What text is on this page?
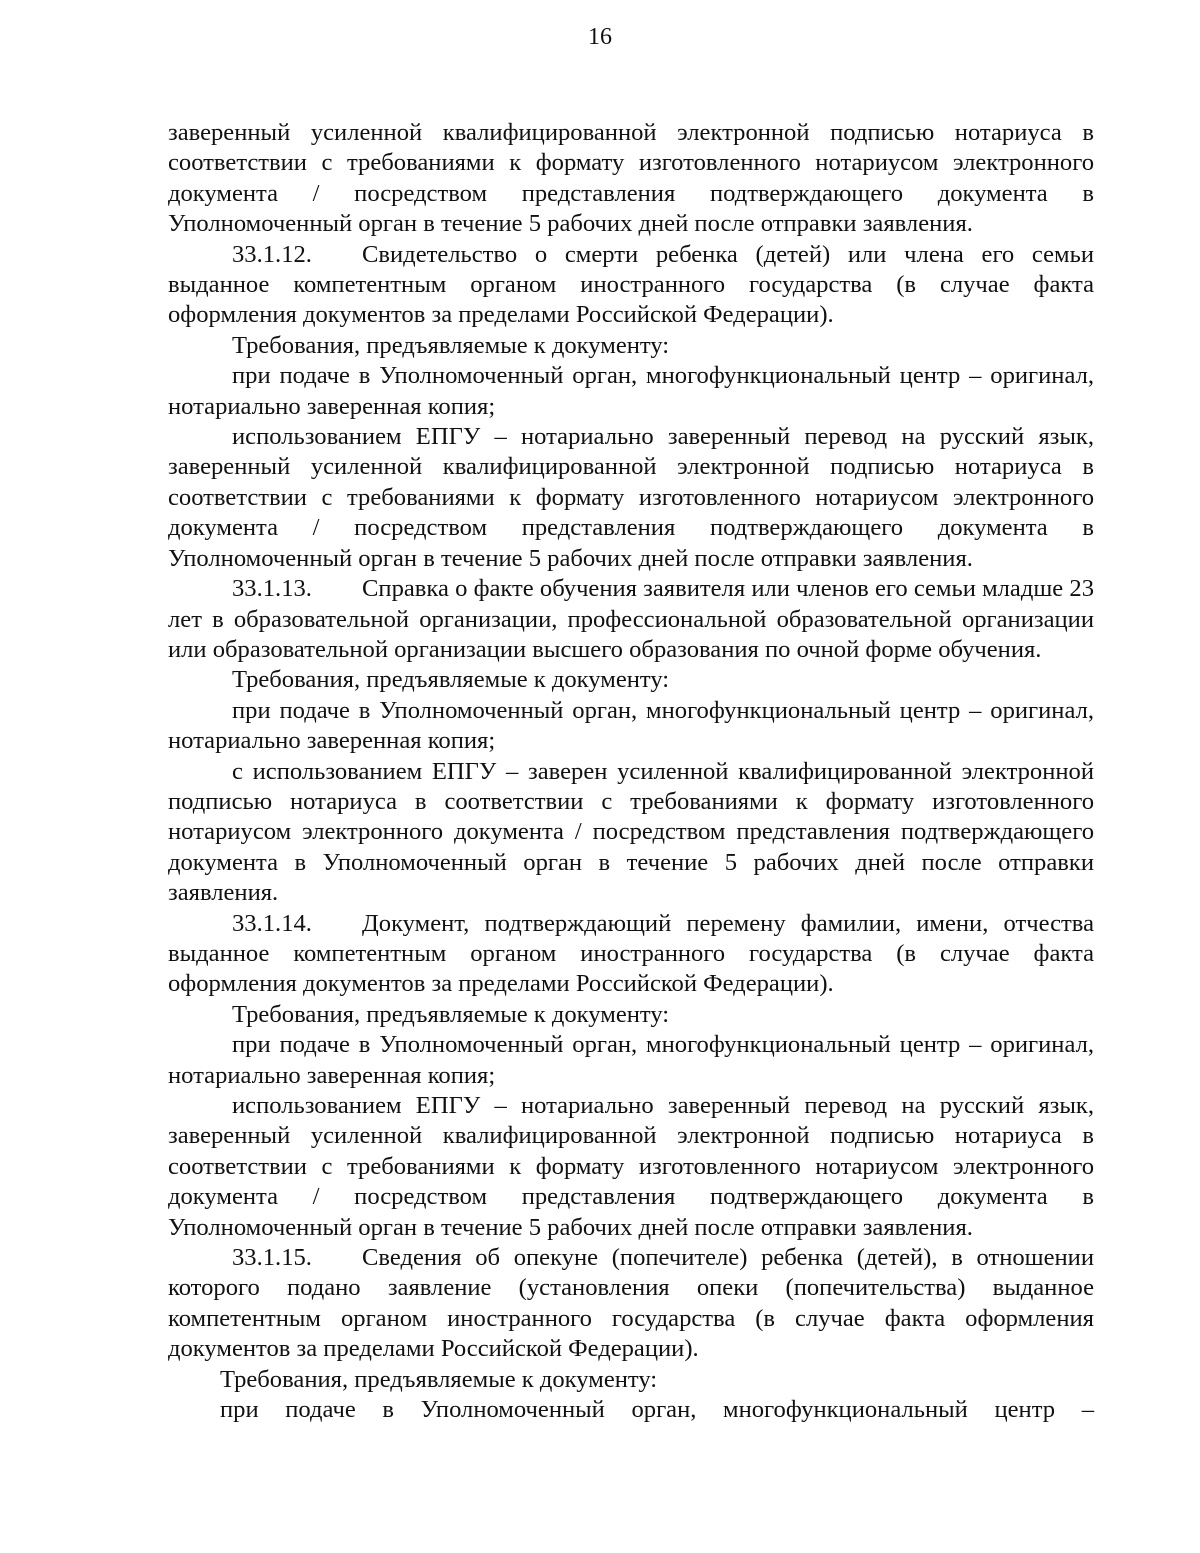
16

заверенный усиленной квалифицированной электронной подписью нотариуса в соответствии с требованиями к формату изготовленного нотариусом электронного документа / посредством представления подтверждающего документа в Уполномоченный орган в течение 5 рабочих дней после отправки заявления.

33.1.12. Свидетельство о смерти ребенка (детей) или члена его семьи выданное компетентным органом иностранного государства (в случае факта оформления документов за пределами Российской Федерации).

Требования, предъявляемые к документу:

при подаче в Уполномоченный орган, многофункциональный центр – оригинал, нотариально заверенная копия;

использованием ЕПГУ – нотариально заверенный перевод на русский язык, заверенный усиленной квалифицированной электронной подписью нотариуса в соответствии с требованиями к формату изготовленного нотариусом электронного документа / посредством представления подтверждающего документа в Уполномоченный орган в течение 5 рабочих дней после отправки заявления.

33.1.13. Справка о факте обучения заявителя или членов его семьи младше 23 лет в образовательной организации, профессиональной образовательной организации или образовательной организации высшего образования по очной форме обучения.

Требования, предъявляемые к документу:

при подаче в Уполномоченный орган, многофункциональный центр – оригинал, нотариально заверенная копия;

с использованием ЕПГУ – заверен усиленной квалифицированной электронной подписью нотариуса в соответствии с требованиями к формату изготовленного нотариусом электронного документа / посредством представления подтверждающего документа в Уполномоченный орган в течение 5 рабочих дней после отправки заявления.

33.1.14. Документ, подтверждающий перемену фамилии, имени, отчества выданное компетентным органом иностранного государства (в случае факта оформления документов за пределами Российской Федерации).

Требования, предъявляемые к документу:

при подаче в Уполномоченный орган, многофункциональный центр – оригинал, нотариально заверенная копия;

использованием ЕПГУ – нотариально заверенный перевод на русский язык, заверенный усиленной квалифицированной электронной подписью нотариуса в соответствии с требованиями к формату изготовленного нотариусом электронного документа / посредством представления подтверждающего документа в Уполномоченный орган в течение 5 рабочих дней после отправки заявления.

33.1.15. Сведения об опекуне (попечителе) ребенка (детей), в отношении которого подано заявление (установления опеки (попечительства) выданное компетентным органом иностранного государства (в случае факта оформления документов за пределами Российской Федерации).

Требования, предъявляемые к документу:

при подаче в Уполномоченный орган, многофункциональный центр –
